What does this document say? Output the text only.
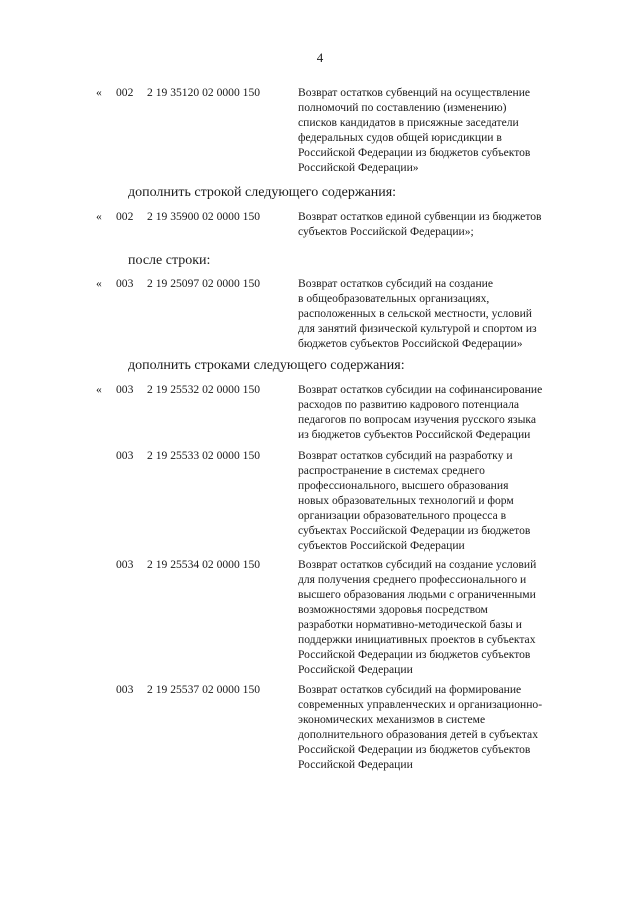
4
« 002 2 19 35120 02 0000 150	Возврат остатков субвенций на осуществление
полномочий по составлению (изменению)
списков кандидатов в присяжные заседатели
федеральных судов общей юрисдикции в
Российской Федерации из бюджетов субъектов
Российской Федерации»
дополнить строкой следующего содержания:
« 002 2 19 35900 02 0000 150	Возврат остатков единой субвенции из бюджетов
субъектов Российской Федерации»;
после строки:
« 003 2 19 25097 02 0000 150	Возврат остатков субсидий на создание
в общеобразовательных организациях,
расположенных в сельской местности, условий
для занятий физической культурой и спортом из
бюджетов субъектов Российской Федерации»
дополнить строками следующего содержания:
« 003 2 19 25532 02 0000 150	Возврат остатков субсидии на софинансирование
расходов по развитию кадрового потенциала
педагогов по вопросам изучения русского языка
из бюджетов субъектов Российской Федерации
003 2 19 25533 02 0000 150	Возврат остатков субсидий на разработку и
распространение в системах среднего
профессионального, высшего образования
новых образовательных технологий и форм
организации образовательного процесса в
субъектах Российской Федерации из бюджетов
субъектов Российской Федерации
003 2 19 25534 02 0000 150	Возврат остатков субсидий на создание условий
для получения среднего профессионального и
высшего образования людьми с ограниченными
возможностями здоровья посредством
разработки нормативно-методической базы и
поддержки инициативных проектов в субъектах
Российской Федерации из бюджетов субъектов
Российской Федерации
003 2 19 25537 02 0000 150	Возврат остатков субсидий на формирование
современных управленческих и организационно-
экономических механизмов в системе
дополнительного образования детей в субъектах
Российской Федерации из бюджетов субъектов
Российской Федерации
